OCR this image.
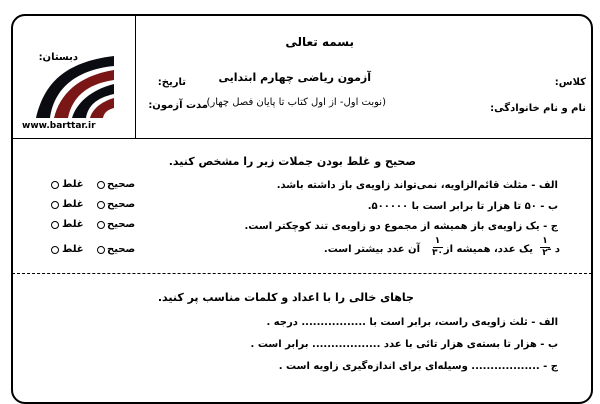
بسمه تعالی
دبستان:
آزمون ریاضی چهارم ابتدایی	کلاس:
تاریخ:
(نوبت اول- از اول کتاب تا پایان فصل چهار)
نام و نام خانوادگی:
مدت آزمون:
www.barttar.ir
صحیح و غلط بودن جملات زیر را مشخص کنید.
الف - مثلث قائم‌الزاویه، نمی‌تواند زاویه‌ی باز داشته باشد.
صحیح
غلط
ب - ۵۰ تا هزار تا برابر است با ۵۰۰۰۰۰.
صحیح
غلط
ج - یک زاویه‌ی باز همیشه از مجموع دو زاویه‌ی تند کوچکتر است.
صحیح
غلط
د -
۱
۲
یک عدد، همیشه از
۱
۳۰
آن عدد بیشتر است.
صحیح
غلط
جاهای خالی را با اعداد و کلمات مناسب پر کنید.
الف - ثلث زاویه‌ی راست، برابر است با ................. درجه .
ب - هزار تا بسته‌ی هزار تائی با عدد .................. برابر است .
ج - .................. وسیله‌ای برای اندازه‌گیری زاویه است .
